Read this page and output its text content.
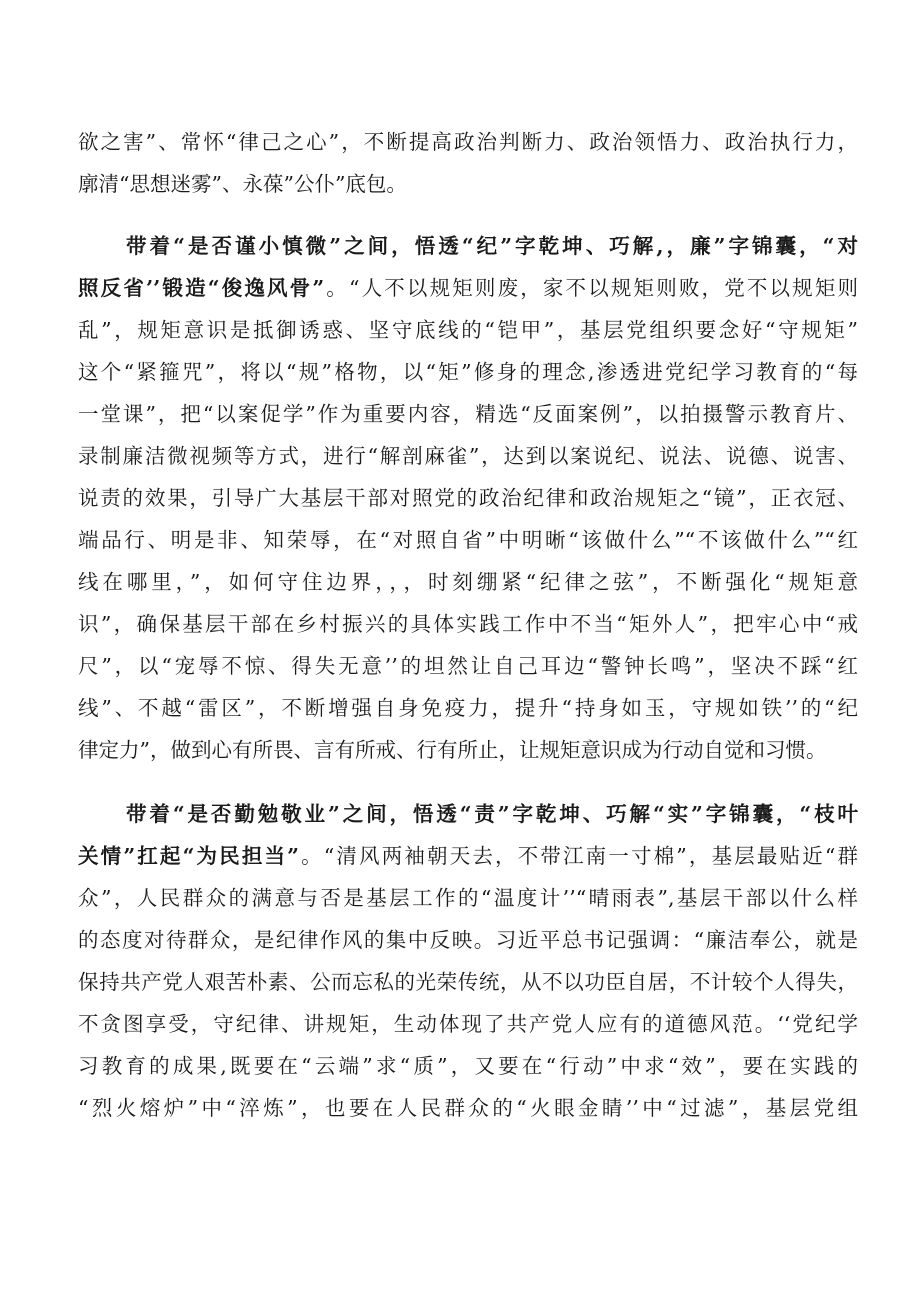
欲之害”、常怀“律己之心”，不断提高政治判断力、政治领悟力、政治执行力，
廓清“思想迷雾”、永葆”公仆”底包。
带着“是否谨小慎微”之间，悟透“纪”字乾坤、巧解,，廉”字锦囊，“对
照反省’’锻造“俊逸风骨”。“人不以规矩则废，家不以规矩则败，党不以规矩则
乱”，规矩意识是抵御诱惑、坚守底线的“铠甲”，基层党组织要念好“守规矩”
这个“紧箍咒”，将以“规”格物，以“矩”修身的理念,渗透进党纪学习教育的“每
一堂课”，把“以案促学”作为重要内容，精选“反面案例”，以拍摄警示教育片、
录制廉洁微视频等方式，进行“解剖麻雀”，达到以案说纪、说法、说德、说害、
说责的效果，引导广大基层干部对照党的政治纪律和政治规矩之“镜”，正衣冠、
端品行、明是非、知荣辱，在“对照自省”中明晰“该做什么”“不该做什么”“红
线在哪里，”，如何守住边界，，，时刻绷紧“纪律之弦”，不断强化“规矩意
识”，确保基层干部在乡村振兴的具体实践工作中不当“矩外人”，把牢心中“戒
尺”，以“宠辱不惊、得失无意’’的坦然让自己耳边“警钟长鸣”，坚决不踩“红
线”、不越“雷区”，不断增强自身免疫力，提升“持身如玉，守规如铁’’的“纪
律定力”，做到心有所畏、言有所戒、行有所止，让规矩意识成为行动自觉和习惯。
带着“是否勤勉敬业”之间，悟透“责”字乾坤、巧解“实”字锦囊，“枝叶
关情”扛起“为民担当”。“清风两袖朝天去，不带江南一寸棉”，基层最贴近“群
众”，人民群众的满意与否是基层工作的“温度计’’“晴雨表”,基层干部以什么样
的态度对待群众，是纪律作风的集中反映。习近平总书记强调：“廉洁奉公，就是
保持共产党人艰苦朴素、公而忘私的光荣传统，从不以功臣自居，不计较个人得失，
不贪图享受，守纪律、讲规矩，生动体现了共产党人应有的道德风范。‘‘党纪学
习教育的成果,既要在“云端”求“质”，又要在“行动”中求“效”，要在实践的
“烈火熔炉”中“淬炼”，也要在人民群众的“火眼金睛’’中“过滤”，基层党组
